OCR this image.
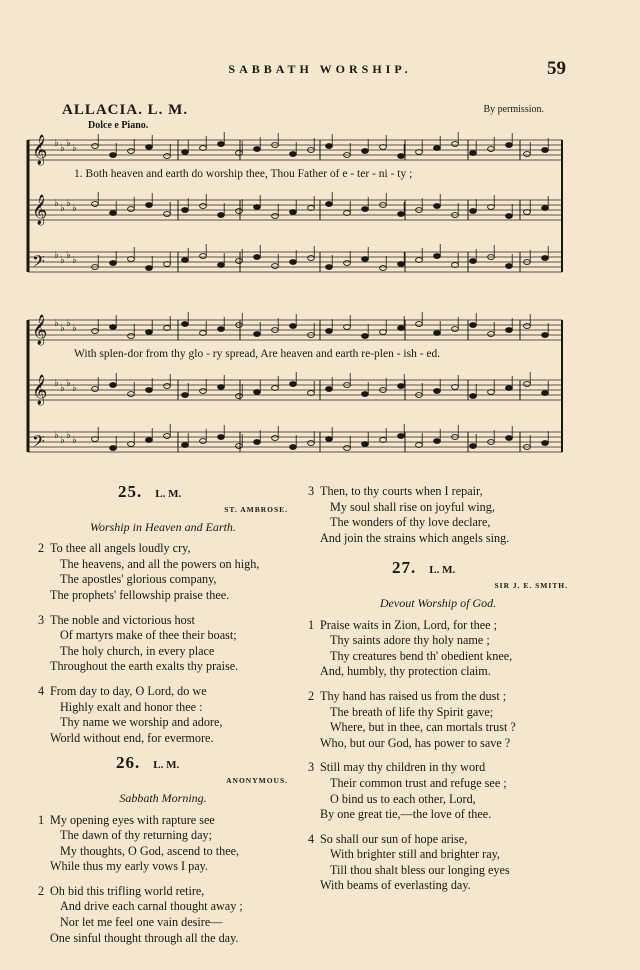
SABBATH WORSHIP.	59
ALLACIA. L. M.
Dolce e Piano.
By permission.
𝄞 ♭ ♭ ♭ ♭
𝄞 ♭ ♭ ♭ ♭
𝄢 ♭ ♭ ♭ ♭
𝄞 ♭ ♭ ♭ ♭
𝄞 ♭ ♭ ♭ ♭
𝄢 ♭ ♭ ♭ ♭
1. Both heaven and earth do worship thee, Thou Father of e - ter - ni - ty ;
With splen-dor from thy glo - ry spread, Are heaven and earth re-plen - ish - ed.
25. L. M.
ST. AMBROSE.
Worship in Heaven and Earth.
2 To thee all angels loudly cry,
The heavens, and all the powers on high,
The apostles' glorious company,
The prophets' fellowship praise thee.
3 The noble and victorious host
Of martyrs make of thee their boast;
The holy church, in every place
Throughout the earth exalts thy praise.
4 From day to day, O Lord, do we
Highly exalt and honor thee :
Thy name we worship and adore,
World without end, for evermore.
26. L. M.
ANONYMOUS.
Sabbath Morning.
1 My opening eyes with rapture see
The dawn of thy returning day;
My thoughts, O God, ascend to thee,
While thus my early vows I pay.
2 Oh bid this trifling world retire,
And drive each carnal thought away ;
Nor let me feel one vain desire—
One sinful thought through all the day.
3 Then, to thy courts when I repair,
My soul shall rise on joyful wing,
The wonders of thy love declare,
And join the strains which angels sing.
27. L. M.
SIR J. E. SMITH.
Devout Worship of God.
1 Praise waits in Zion, Lord, for thee ;
Thy saints adore thy holy name ;
Thy creatures bend th' obedient knee,
And, humbly, thy protection claim.
2 Thy hand has raised us from the dust ;
The breath of life thy Spirit gave;
Where, but in thee, can mortals trust ?
Who, but our God, has power to save ?
3 Still may thy children in thy word
Their common trust and refuge see ;
O bind us to each other, Lord,
By one great tie,—the love of thee.
4 So shall our sun of hope arise,
With brighter still and brighter ray,
Till thou shalt bless our longing eyes
With beams of everlasting day.
